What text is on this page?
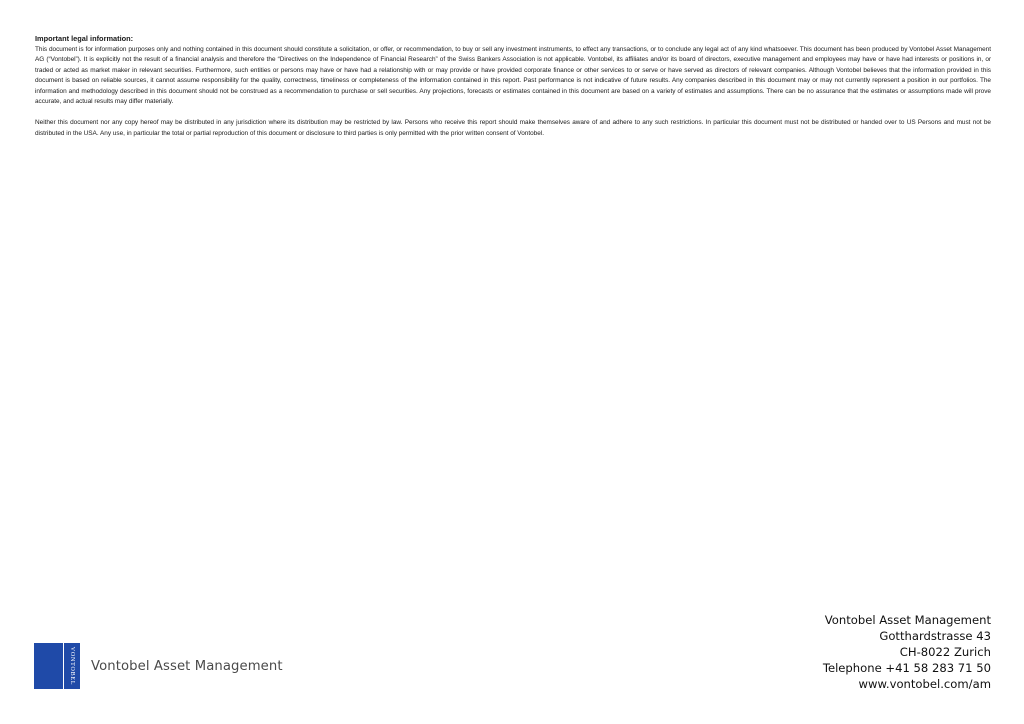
Important legal information:

This document is for information purposes only and nothing contained in this document should constitute a solicitation, or offer, or recommendation, to buy or sell any investment instruments, to effect any transactions, or to conclude any legal act of any kind whatsoever. This document has been produced by Vontobel Asset Management AG (“Vontobel”). It is explicitly not the result of a financial analysis and therefore the “Directives on the Independence of Financial Research” of the Swiss Bankers Association is not applicable. Vontobel, its affiliates and/or its board of directors, executive management and employees may have or have had interests or positions in, or traded or acted as market maker in relevant securities. Furthermore, such entities or persons may have or have had a relationship with or may provide or have provided corporate finance or other services to or serve or have served as directors of relevant companies. Although Vontobel believes that the information provided in this document is based on reliable sources, it cannot assume responsibility for the quality, correctness, timeliness or completeness of the information contained in this report. Past performance is not indicative of future results. Any companies described in this document may or may not currently represent a position in our portfolios. The information and methodology described in this document should not be construed as a recommendation to purchase or sell securities. Any projections, forecasts or estimates contained in this document are based on a variety of estimates and assumptions. There can be no assurance that the estimates or assumptions made will prove accurate, and actual results may differ materially.

Neither this document nor any copy hereof may be distributed in any jurisdiction where its distribution may be restricted by law. Persons who receive this report should make themselves aware of and adhere to any such restrictions. In particular this document must not be distributed or handed over to US Persons and must not be distributed in the USA. Any use, in particular the total or partial reproduction of this document or disclosure to third parties is only permitted with the prior written consent of Vontobel.

VONTOBEL Vontobel Asset Management
Vontobel Asset Management
Gotthardstrasse 43
CH-8022 Zurich
Telephone +41 58 283 71 50
www.vontobel.com/am
